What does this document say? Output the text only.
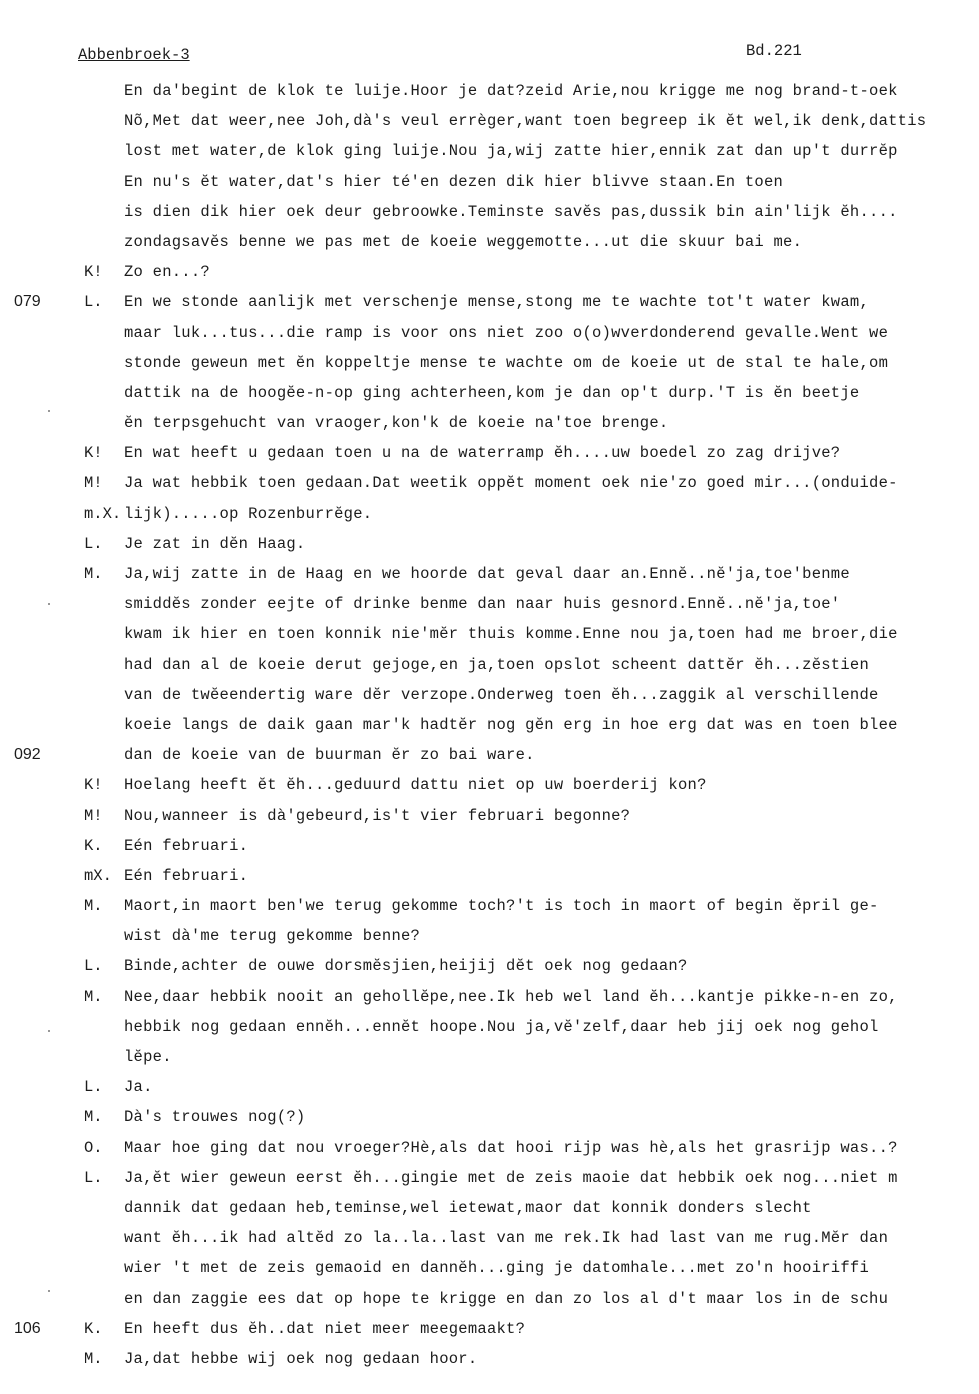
Abbenbroek-3	Bd.221
En da'begint de klok te luije.Hoor je dat?zeid Arie,nou krigge me nog brand-t-oek
Nõ,Met dat weer,nee Joh,dà's veul errèger,want toen begreep ik ĕt wel,ik denk,dattis
lost met water,de klok ging luije.Nou ja,wij zatte hier,ennik zat dan up't durrĕp
En nu's ĕt water,dat's hier té'en dezen dik hier blivve staan.En toen
is dien dik hier oek deur gebroowke.Teminste savĕs pas,dussik bin ain'lijk ĕh....
zondagsavĕs benne we pas met de koeie weggemotte...ut die skuur bai me.
K!	Zo en...?
079	L.	En we stonde aanlijk met verschenje mense,stong me te wachte tot't water kwam,
maar luk...tus...die ramp is voor ons niet zoo o(o)wverdonderend gevalle.Went we
stonde geweun met ĕn koppeltje mense te wachte om de koeie ut de stal te hale,om
dattik na de hoogĕe-n-op ging achterheen,kom je dan op't durp.'T is ĕn beetje
ĕn terpsgehucht van vraoger,kon'k de koeie na'toe brenge.
K!	En wat heeft u gedaan toen u na de waterramp ĕh....uw boedel zo zag drijve?
M!	Ja wat hebbik toen gedaan.Dat weetik oppĕt moment oek nie'zo goed mir...(onduide-
m.X. lijk).....op Rozenburrĕge.
L.	Je zat in dĕn Haag.
M.	Ja,wij zatte in de Haag en we hoorde dat geval daar an.Ennĕ..nĕ'ja,toe'benme
smiddĕs zonder eejte of drinke benme dan naar huis gesnord.Ennĕ..nĕ'ja,toe'
kwam ik hier en toen konnik nie'mĕr thuis komme.Enne nou ja,toen had me broer,die
had dan al de koeie derut gejoge,en ja,toen opslot scheent dattĕr ĕh...zĕstien
van de twĕeendertig ware dĕr verzope.Onderweg toen ĕh...zaggik al verschillende
koeie langs de daik gaan mar'k hadtĕr nog gĕn erg in hoe erg dat was en toen blee
092	dan de koeie van de buurman ĕr zo bai ware.
K!	Hoelang heeft ĕt ĕh...geduurd dattu niet op uw boerderij kon?
M!	Nou,wanneer is dà'gebeurd,is't vier februari begonne?
K.	Eén februari.
mX. Eén februari.
M.	Maort,in maort ben'we terug gekomme toch?'t is toch in maort of begin ĕpril ge-
wist dà'me terug gekomme benne?
L.	Binde,achter de ouwe dorsmĕsjien,heijij dĕt oek nog gedaan?
M.	Nee,daar hebbik nooit an gehollĕpe,nee.Ik heb wel land ĕh...kantje pikke-n-en zo,
hebbik nog gedaan ennĕh...ennĕt hoope.Nou ja,vĕ'zelf,daar heb jij oek nog gehol
lĕpe.
L.	Ja.
M.	Dà's trouwes nog(?)
O.	Maar hoe ging dat nou vroeger?Hè,als dat hooi rijp was hè,als het grasrijp was..?
L.	Ja,ĕt wier geweun eerst ĕh...gingie met de zeis maoie dat hebbik oek nog...niet m
dannik dat gedaan heb,teminse,wel ietewat,maor dat konnik donders slecht
want ĕh...ik had altĕd zo la..la..last van me rek.Ik had last van me rug.Mĕr dan
wier 't met de zeis gemaoid en dannĕh...ging je datomhale...met zo'n hooiriffi
en dan zaggie ees dat op hope te krigge en dan zo los al d't maar los in de schu
106	K.	En heeft dus ĕh..dat niet meer meegemaakt?
M.	Ja,dat hebbe wij oek nog gedaan hoor.
